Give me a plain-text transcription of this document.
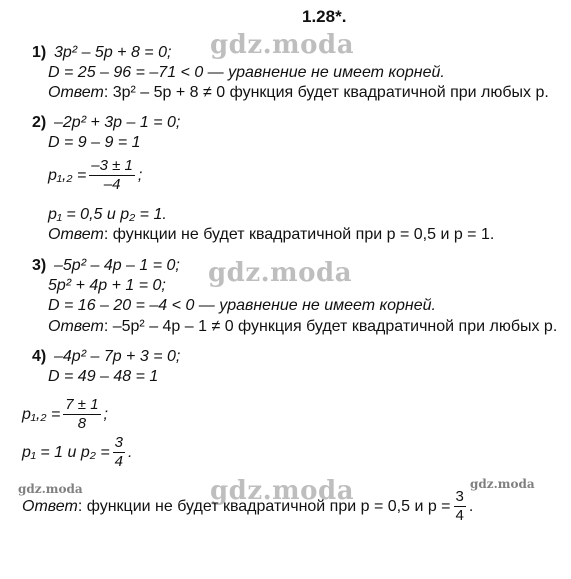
1.28*.
gdz.moda
gdz.moda
gdz.moda
gdz.moda	gdz.moda
1) 3p² – 5p + 8 = 0;
D = 25 – 96 = –71 < 0 — уравнение не имеет корней.
Ответ: 3p² – 5p + 8 ≠ 0 функция будет квадратичной при любых p.
2) –2p² + 3p – 1 = 0;
D = 9 – 9 = 1
$p_1,_2 = \frac{-3 \pm 1}{-4}$ ;
p₁ = 0,5 и p₂ = 1.
Ответ: функции не будет квадратичной при p = 0,5 и p = 1.
3) –5p² – 4p – 1 = 0;
5p² + 4p + 1 = 0;
D = 16 – 20 = –4 < 0 — уравнение не имеет корней.
Ответ: –5p² – 4p – 1 ≠ 0 функция будет квадратичной при любых p.
4) –4p² – 7p + 3 = 0;
D = 49 – 48 = 1
$p_1,_2 = \frac{7 \pm 1}{8}$ ;
p₁ = 1 и $p_2 = \frac{3}{4}$ .
Ответ : функции не будет квадратичной при p = 0,5 и $p = \frac{3}{4}$ .
